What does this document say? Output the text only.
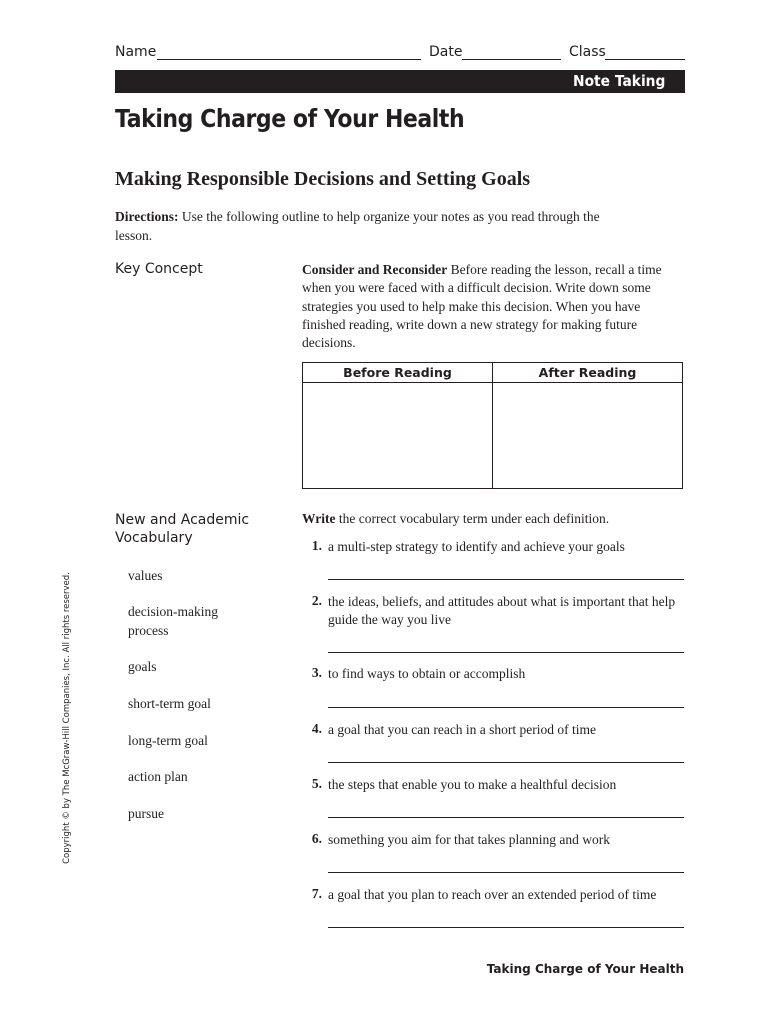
Name	Date	Class
Note Taking
Taking Charge of Your Health
Making Responsible Decisions and Setting Goals
Directions: Use the following outline to help organize your notes as you read through the lesson.
Key Concept	Consider and Reconsider Before reading the lesson, recall a time when you were faced with a difficult decision. Write down some strategies you used to help make this decision. When you have finished reading, write down a new strategy for making future decisions.
Before Reading	After Reading
New and Academic Vocabulary
Write the correct vocabulary term under each definition.
values
decision-making process
goals
short-term goal
long-term goal
action plan
pursue
1. a multi-step strategy to identify and achieve your goals
2. the ideas, beliefs, and attitudes about what is important that help guide the way you live
3. to find ways to obtain or accomplish
4. a goal that you can reach in a short period of time
5. the steps that enable you to make a healthful decision
6. something you aim for that takes planning and work
7. a goal that you plan to reach over an extended period of time
Copyright © by The McGraw-Hill Companies, Inc. All rights reserved.
Taking Charge of Your Health
